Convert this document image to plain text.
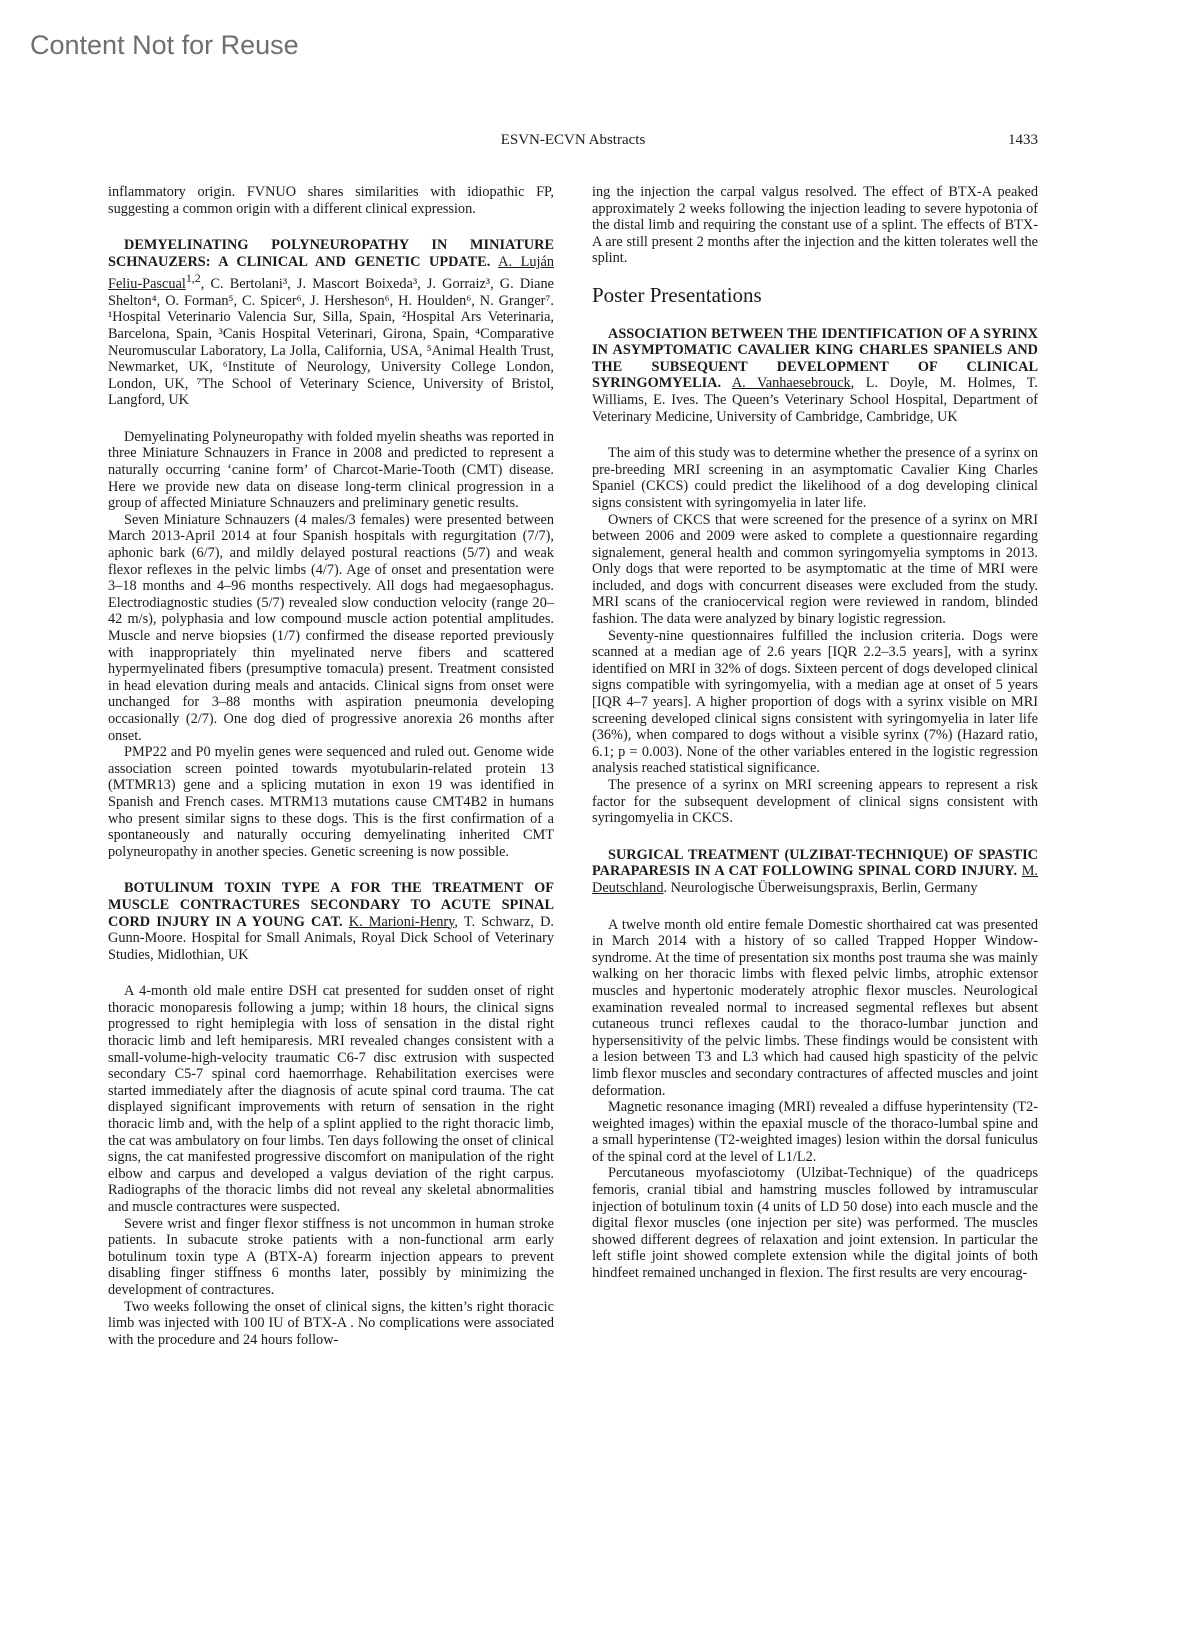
Content Not for Reuse
ESVN-ECVN Abstracts	1433

inflammatory origin. FVNUO shares similarities with idiopathic FP, suggesting a common origin with a different clinical expression.

DEMYELINATING POLYNEUROPATHY IN MINIATURE SCHNAUZERS: A CLINICAL AND GENETIC UPDATE. A. Luján Feliu-Pascual$^{1,2}$, C. Bertolani³, J. Mascort Boixeda³, J. Gorraiz³, G. Diane Shelton⁴, O. Forman⁵, C. Spicer⁶, J. Hersheson⁶, H. Houlden⁶, N. Granger⁷. ¹Hospital Veterinario Valencia Sur, Silla, Spain, ²Hospital Ars Veterinaria, Barcelona, Spain, ³Canis Hospital Veterinari, Girona, Spain, ⁴Comparative Neuromuscular Laboratory, La Jolla, California, USA, ⁵Animal Health Trust, Newmarket, UK, ⁶Institute of Neurology, University College London, London, UK, ⁷The School of Veterinary Science, University of Bristol, Langford, UK

Demyelinating Polyneuropathy with folded myelin sheaths was reported in three Miniature Schnauzers in France in 2008 and predicted to represent a naturally occurring ‘canine form’ of Charcot-Marie-Tooth (CMT) disease. Here we provide new data on disease long-term clinical progression in a group of affected Miniature Schnauzers and preliminary genetic results.

Seven Miniature Schnauzers (4 males/3 females) were presented between March 2013-April 2014 at four Spanish hospitals with regurgitation (7/7), aphonic bark (6/7), and mildly delayed postural reactions (5/7) and weak flexor reflexes in the pelvic limbs (4/7). Age of onset and presentation were 3–18 months and 4–96 months respectively. All dogs had megaesophagus. Electrodiagnostic studies (5/7) revealed slow conduction velocity (range 20–42 m/s), polyphasia and low compound muscle action potential amplitudes. Muscle and nerve biopsies (1/7) confirmed the disease reported previously with inappropriately thin myelinated nerve fibers and scattered hypermyelinated fibers (presumptive tomacula) present. Treatment consisted in head elevation during meals and antacids. Clinical signs from onset were unchanged for 3–88 months with aspiration pneumonia developing occasionally (2/7). One dog died of progressive anorexia 26 months after onset.

PMP22 and P0 myelin genes were sequenced and ruled out. Genome wide association screen pointed towards myotubularin-related protein 13 (MTMR13) gene and a splicing mutation in exon 19 was identified in Spanish and French cases. MTRM13 mutations cause CMT4B2 in humans who present similar signs to these dogs. This is the first confirmation of a spontaneously and naturally occuring demyelinating inherited CMT polyneuropathy in another species. Genetic screening is now possible.

BOTULINUM TOXIN TYPE A FOR THE TREATMENT OF MUSCLE CONTRACTURES SECONDARY TO ACUTE SPINAL CORD INJURY IN A YOUNG CAT. K. Marioni-Henry, T. Schwarz, D. Gunn-Moore. Hospital for Small Animals, Royal Dick School of Veterinary Studies, Midlothian, UK

A 4-month old male entire DSH cat presented for sudden onset of right thoracic monoparesis following a jump; within 18 hours, the clinical signs progressed to right hemiplegia with loss of sensation in the distal right thoracic limb and left hemiparesis. MRI revealed changes consistent with a small-volume-high-velocity traumatic C6-7 disc extrusion with suspected secondary C5-7 spinal cord haemorrhage. Rehabilitation exercises were started immediately after the diagnosis of acute spinal cord trauma. The cat displayed significant improvements with return of sensation in the right thoracic limb and, with the help of a splint applied to the right thoracic limb, the cat was ambulatory on four limbs. Ten days following the onset of clinical signs, the cat manifested progressive discomfort on manipulation of the right elbow and carpus and developed a valgus deviation of the right carpus. Radiographs of the thoracic limbs did not reveal any skeletal abnormalities and muscle contractures were suspected.

Severe wrist and finger flexor stiffness is not uncommon in human stroke patients. In subacute stroke patients with a non-functional arm early botulinum toxin type A (BTX-A) forearm injection appears to prevent disabling finger stiffness 6 months later, possibly by minimizing the development of contractures.

Two weeks following the onset of clinical signs, the kitten’s right thoracic limb was injected with 100 IU of BTX-A . No complications were associated with the procedure and 24 hours follow-

ing the injection the carpal valgus resolved. The effect of BTX-A peaked approximately 2 weeks following the injection leading to severe hypotonia of the distal limb and requiring the constant use of a splint. The effects of BTX-A are still present 2 months after the injection and the kitten tolerates well the splint.

Poster Presentations

ASSOCIATION BETWEEN THE IDENTIFICATION OF A SYRINX IN ASYMPTOMATIC CAVALIER KING CHARLES SPANIELS AND THE SUBSEQUENT DEVELOPMENT OF CLINICAL SYRINGOMYELIA. A. Vanhaesebrouck, L. Doyle, M. Holmes, T. Williams, E. Ives. The Queen’s Veterinary School Hospital, Department of Veterinary Medicine, University of Cambridge, Cambridge, UK

The aim of this study was to determine whether the presence of a syrinx on pre-breeding MRI screening in an asymptomatic Cavalier King Charles Spaniel (CKCS) could predict the likelihood of a dog developing clinical signs consistent with syringomyelia in later life.

Owners of CKCS that were screened for the presence of a syrinx on MRI between 2006 and 2009 were asked to complete a questionnaire regarding signalement, general health and common syringomyelia symptoms in 2013. Only dogs that were reported to be asymptomatic at the time of MRI were included, and dogs with concurrent diseases were excluded from the study. MRI scans of the craniocervical region were reviewed in random, blinded fashion. The data were analyzed by binary logistic regression.

Seventy-nine questionnaires fulfilled the inclusion criteria. Dogs were scanned at a median age of 2.6 years [IQR 2.2–3.5 years], with a syrinx identified on MRI in 32% of dogs. Sixteen percent of dogs developed clinical signs compatible with syringomyelia, with a median age at onset of 5 years [IQR 4–7 years]. A higher proportion of dogs with a syrinx visible on MRI screening developed clinical signs consistent with syringomyelia in later life (36%), when compared to dogs without a visible syrinx (7%) (Hazard ratio, 6.1; p = 0.003). None of the other variables entered in the logistic regression analysis reached statistical significance.

The presence of a syrinx on MRI screening appears to represent a risk factor for the subsequent development of clinical signs consistent with syringomyelia in CKCS.

SURGICAL TREATMENT (ULZIBAT-TECHNIQUE) OF SPASTIC PARAPARESIS IN A CAT FOLLOWING SPINAL CORD INJURY. M. Deutschland. Neurologische Überweisungspraxis, Berlin, Germany

A twelve month old entire female Domestic shorthaired cat was presented in March 2014 with a history of so called Trapped Hopper Window-syndrome. At the time of presentation six months post trauma she was mainly walking on her thoracic limbs with flexed pelvic limbs, atrophic extensor muscles and hypertonic moderately atrophic flexor muscles. Neurological examination revealed normal to increased segmental reflexes but absent cutaneous trunci reflexes caudal to the thoraco-lumbar junction and hypersensitivity of the pelvic limbs. These findings would be consistent with a lesion between T3 and L3 which had caused high spasticity of the pelvic limb flexor muscles and secondary contractures of affected muscles and joint deformation.

Magnetic resonance imaging (MRI) revealed a diffuse hyperintensity (T2-weighted images) within the epaxial muscle of the thoraco-lumbal spine and a small hyperintense (T2-weighted images) lesion within the dorsal funiculus of the spinal cord at the level of L1/L2.

Percutaneous myofasciotomy (Ulzibat-Technique) of the quadriceps femoris, cranial tibial and hamstring muscles followed by intramuscular injection of botulinum toxin (4 units of LD 50 dose) into each muscle and the digital flexor muscles (one injection per site) was performed. The muscles showed different degrees of relaxation and joint extension. In particular the left stifle joint showed complete extension while the digital joints of both hindfeet remained unchanged in flexion. The first results are very encourag-
